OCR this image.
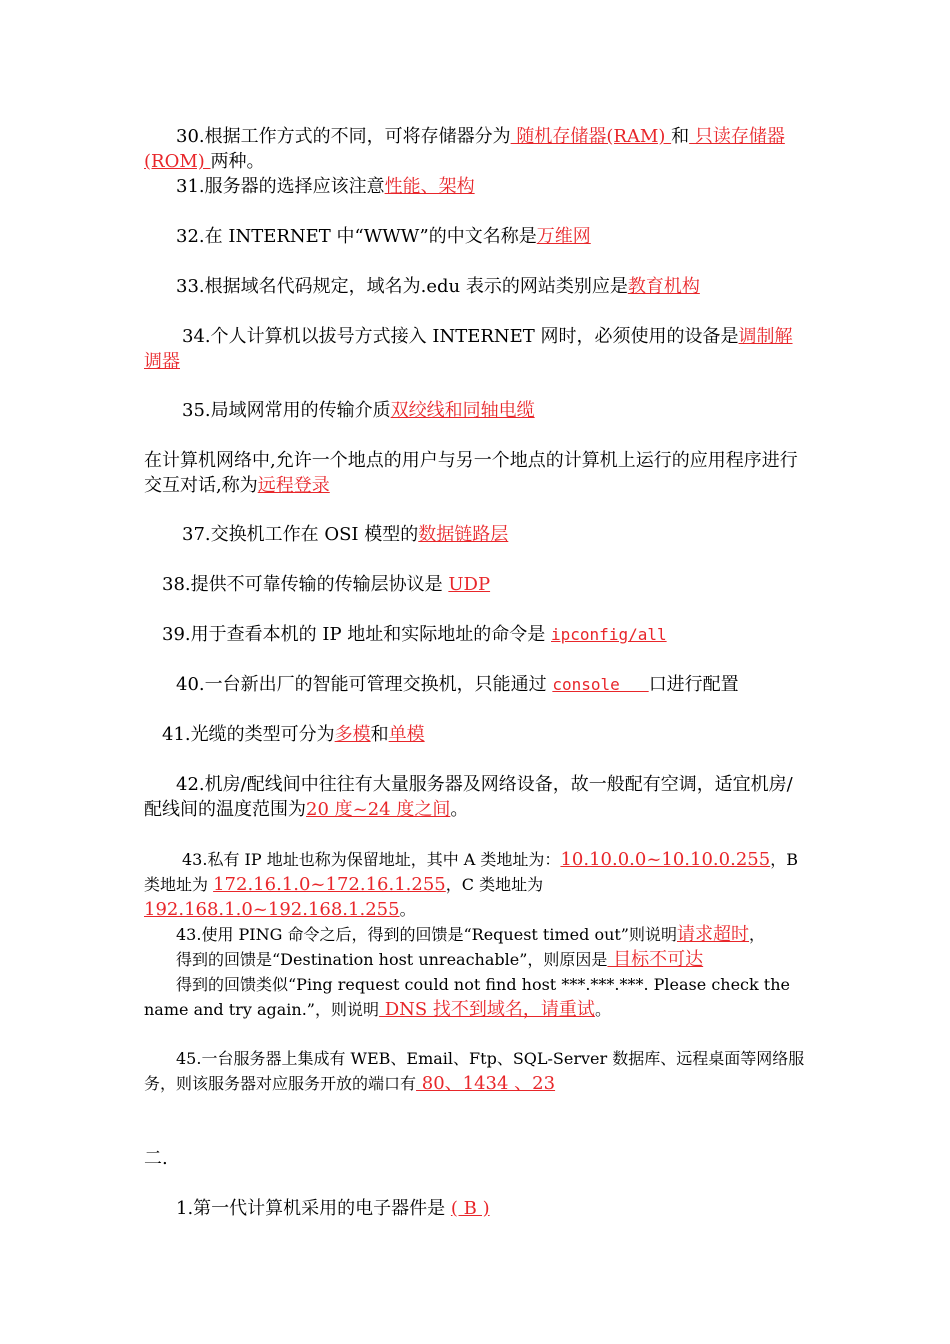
30.根据工作方式的不同，可将存储器分为 随机存储器(RAM) 和 只读存储器(ROM) 两种。
31.服务器的选择应该注意性能、架构
32.在 INTERNET 中“WWW”的中文名称是万维网
33.根据域名代码规定，域名为.edu 表示的网站类别应是教育机构
34.个人计算机以拔号方式接入 INTERNET 网时，必须使用的设备是调制解调器
35.局域网常用的传输介质双绞线和同轴电缆
在计算机网络中,允许一个地点的用户与另一个地点的计算机上运行的应用程序进行交互对话,称为远程登录
37.交换机工作在 OSI 模型的数据链路层
38.提供不可靠传输的传输层协议是 UDP
39.用于查看本机的 IP 地址和实际地址的命令是 ipconfig/all
40.一台新出厂的智能可管理交换机，只能通过 console   口进行配置
41.光缆的类型可分为多模和单模
42.机房/配线间中往往有大量服务器及网络设备，故一般配有空调，适宜机房/配线间的温度范围为20 度~24 度之间。
43.私有 IP 地址也称为保留地址，其中 A 类地址为：10.10.0.0~10.10.0.255，B 类地址为 172.16.1.0~172.16.1.255，C 类地址为 192.168.1.0~192.168.1.255。
43.使用 PING 命令之后，得到的回馈是“Request timed out”则说明请求超时，
得到的回馈是“Destination host unreachable”，则原因是 目标不可达
得到的回馈类似“Ping request could not find host ***.***.***. Please check the name and try again.”，则说明 DNS 找不到域名，请重试。
45.一台服务器上集成有 WEB、Email、Ftp、SQL-Server 数据库、远程桌面等网络服务，则该服务器对应服务开放的端口有 80、1434 、23
二.
1.第一代计算机采用的电子器件是 ( B )
